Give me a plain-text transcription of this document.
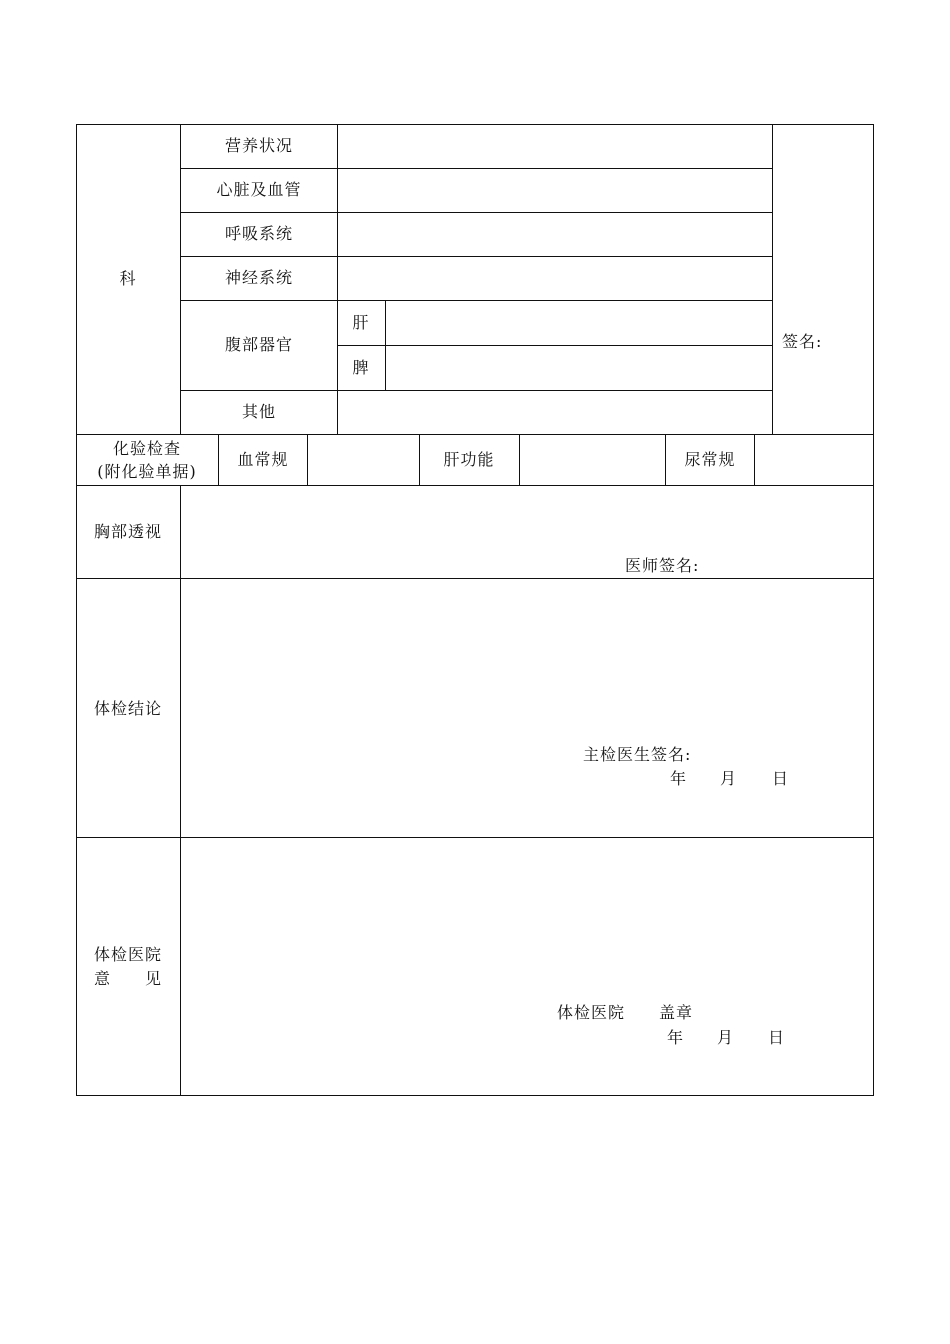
科
营养状况
心脏及血管
呼吸系统
神经系统
腹部器官
肝
脾
其他
签名:
化验检查
(附化验单据)
血常规	肝功能	尿常规
胸部透视
医师签名:
体检结论
主检医生签名:
年 月 日
体检医院
意　　见
体检医院　　盖章
年 月 日
